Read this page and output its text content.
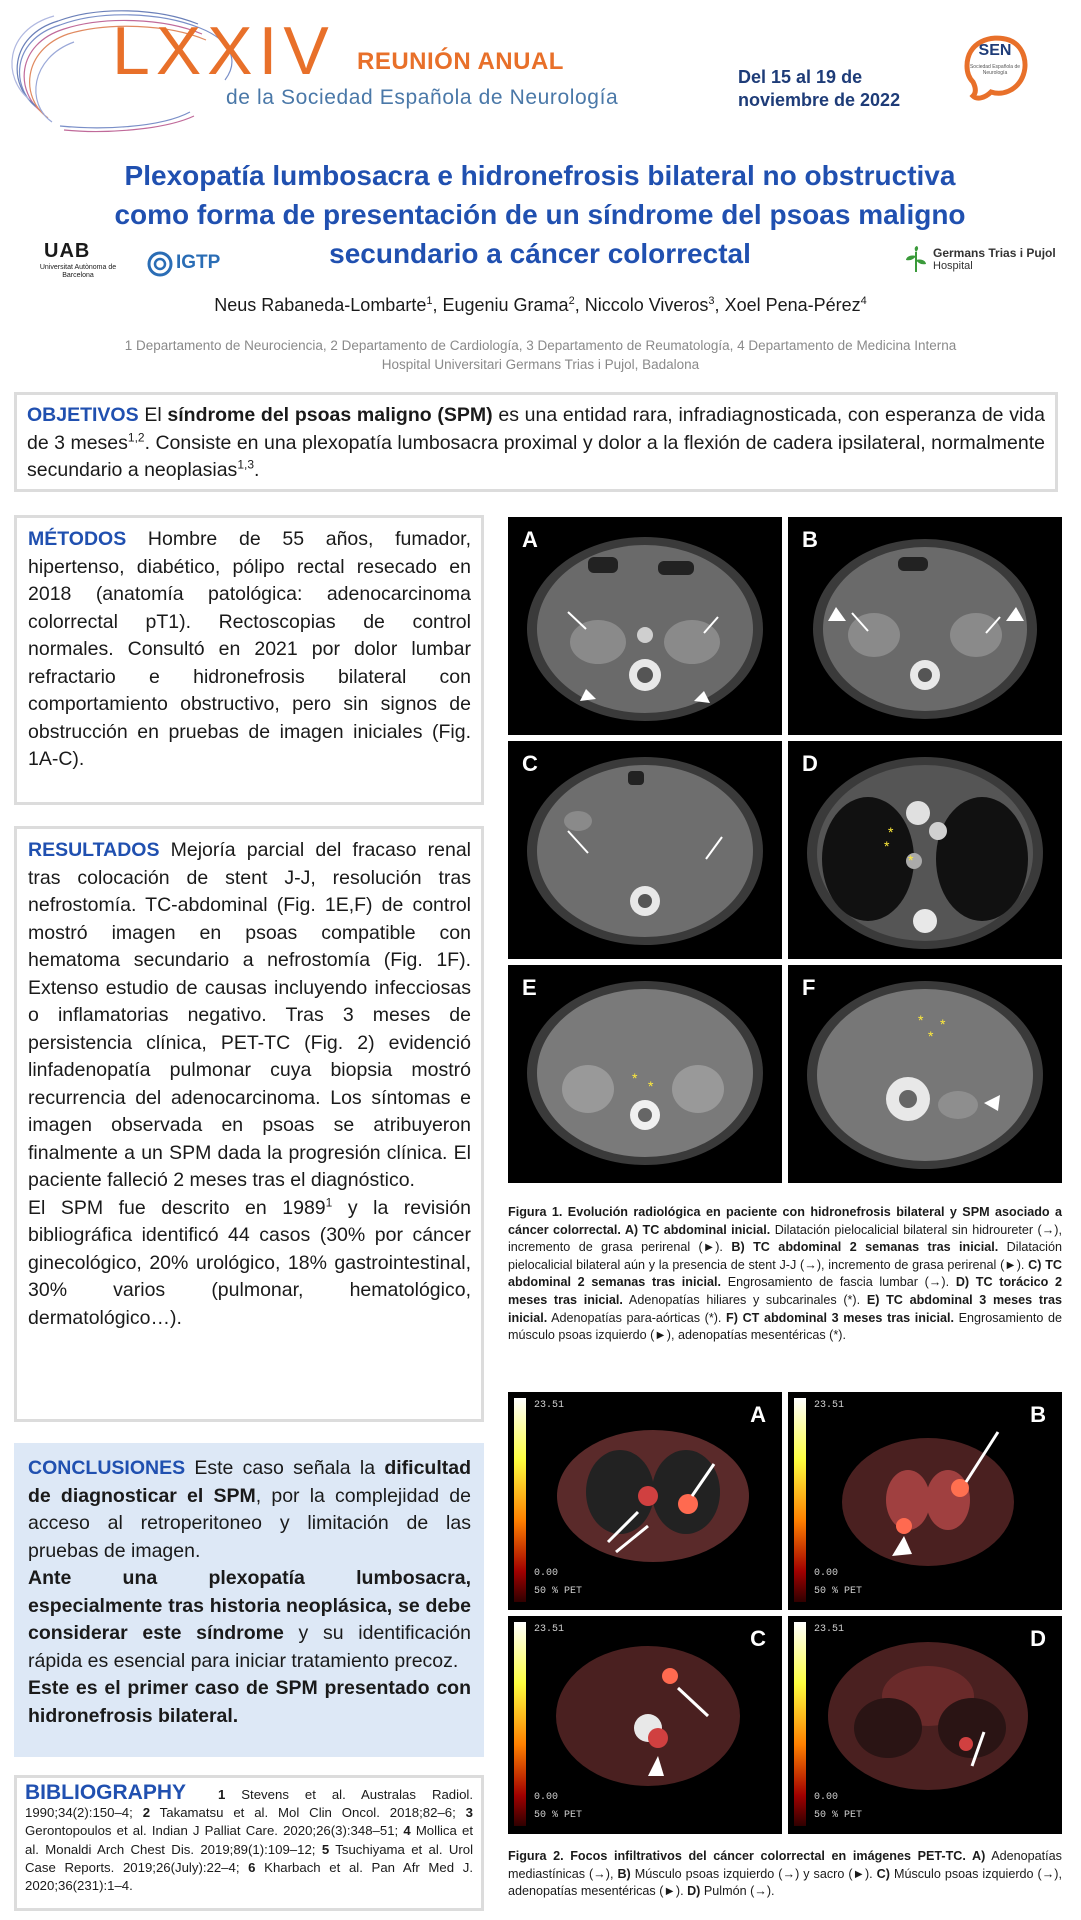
LXXIV REUNIÓN ANUAL
de la Sociedad Española de Neurología
Del 15 al 19 de
noviembre de 2022
SEN
Sociedad Española de Neurología
Plexopatía lumbosacra e hidronefrosis bilateral no obstructiva
como forma de presentación de un síndrome del psoas maligno
secundario a cáncer colorrectal
UAB
Universitat Autònoma de Barcelona
IGTP	Germans Trias i Pujol
Hospital
Neus Rabaneda-Lombarte$^1$, Eugeniu Grama$^2$, Niccolo Viveros$^3$, Xoel Pena-Pérez$^4$
1 Departamento de Neurociencia, 2 Departamento de Cardiología, 3 Departamento de Reumatología, 4 Departamento de Medicina Interna
Hospital Universitari Germans Trias i Pujol, Badalona
OBJETIVOS El síndrome del psoas maligno (SPM) es una entidad rara, infradiagnosticada, con esperanza de vida de 3 meses$^{1,2}$. Consiste en una plexopatía lumbosacra proximal y dolor a la flexión de cadera ipsilateral, normalmente secundario a neoplasias$^{1,3}$.
MÉTODOS Hombre de 55 años, fumador, hipertenso, diabético, pólipo rectal resecado en 2018 (anatomía patológica: adenocarcinoma colorrectal pT1). Rectoscopias de control normales. Consultó en 2021 por dolor lumbar refractario e hidronefrosis bilateral con comportamiento obstructivo, pero sin signos de obstrucción en pruebas de imagen iniciales (Fig. 1A-C).
RESULTADOS Mejoría parcial del fracaso renal tras colocación de stent J-J, resolución tras nefrostomía. TC-abdominal (Fig. 1E,F) de control mostró imagen en psoas compatible con hematoma secundario a nefrostomía (Fig. 1F). Extenso estudio de causas incluyendo infecciosas o inflamatorias negativo. Tras 3 meses de persistencia clínica, PET-TC (Fig. 2) evidenció linfadenopatía pulmonar cuya biopsia mostró recurrencia del adenocarcinoma. Los síntomas e imagen observada en psoas se atribuyeron finalmente a un SPM dada la progresión clínica. El paciente falleció 2 meses tras el diagnóstico.
El SPM fue descrito en 1989$^1$ y la revisión bibliográfica identificó 44 casos (30% por cáncer ginecológico, 20% urológico, 18% gastrointestinal, 30% varios (pulmonar, hematológico, dermatológico…).
CONCLUSIONES Este caso señala la dificultad de diagnosticar el SPM, por la complejidad de acceso al retroperitoneo y limitación de las pruebas de imagen.
Ante una plexopatía lumbosacra, especialmente tras historia neoplásica, se debe considerar este síndrome y su identificación rápida es esencial para iniciar tratamiento precoz.
Este es el primer caso de SPM presentado con hidronefrosis bilateral.
BIBLIOGRAPHY 1 Stevens et al. Australas Radiol. 1990;34(2):150–4; 2 Takamatsu et al. Mol Clin Oncol. 2018;82–6; 3 Gerontopoulos et al. Indian J Palliat Care. 2020;26(3):348–51; 4 Mollica et al. Monaldi Arch Chest Dis. 2019;89(1):109–12; 5 Tsuchiyama et al. Urol Case Reports. 2019;26(July):22–4; 6 Kharbach et al. Pan Afr Med J. 2020;36(231):1–4.
A	B
C
*
*
*
D
* *
E
* *
*
F
Figura 1. Evolución radiológica en paciente con hidronefrosis bilateral y SPM asociado a cáncer colorrectal. A) TC abdominal inicial. Dilatación pielocalicial bilateral sin hidroureter (→), incremento de grasa perirenal (►). B) TC abdominal 2 semanas tras inicial. Dilatación pielocalicial bilateral aún y la presencia de stent J-J (→), incremento de grasa perirenal (►). C) TC abdominal 2 semanas tras inicial. Engrosamiento de fascia lumbar (→). D) TC torácico 2 meses tras inicial. Adenopatías hiliares y subcarinales (*). E) TC abdominal 3 meses tras inicial. Adenopatías para-aórticas (*). F) CT abdominal 3 meses tras inicial. Engrosamiento de músculo psoas izquierdo (►), adenopatías mesentéricas (*).
23.51
0.00
50 % PET
A	23.51
0.00
50 % PET
B
23.51
0.00
50 % PET
C	23.51
0.00
50 % PET
D
Figura 2. Focos infiltrativos del cáncer colorrectal en imágenes PET-TC. A) Adenopatías mediastínicas (→), B) Músculo psoas izquierdo (→) y sacro (►). C) Músculo psoas izquierdo (→), adenopatías mesentéricas (►). D) Pulmón (→).
